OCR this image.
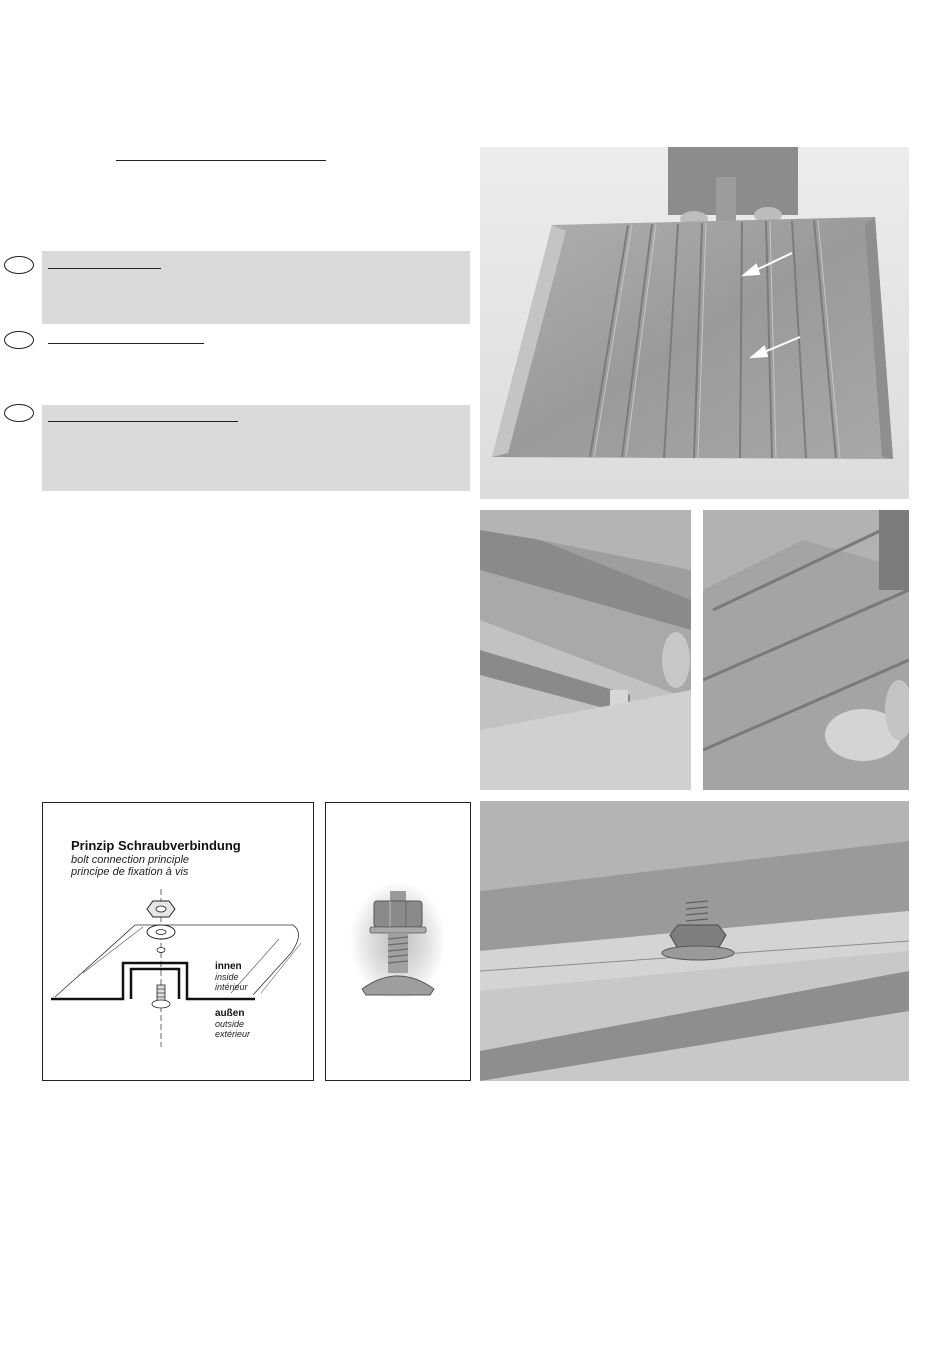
Prinzip Schraubverbindung
bolt connection principle
principe de fixation à vis
innen
inside
intérieur
außen
outside
extérieur
